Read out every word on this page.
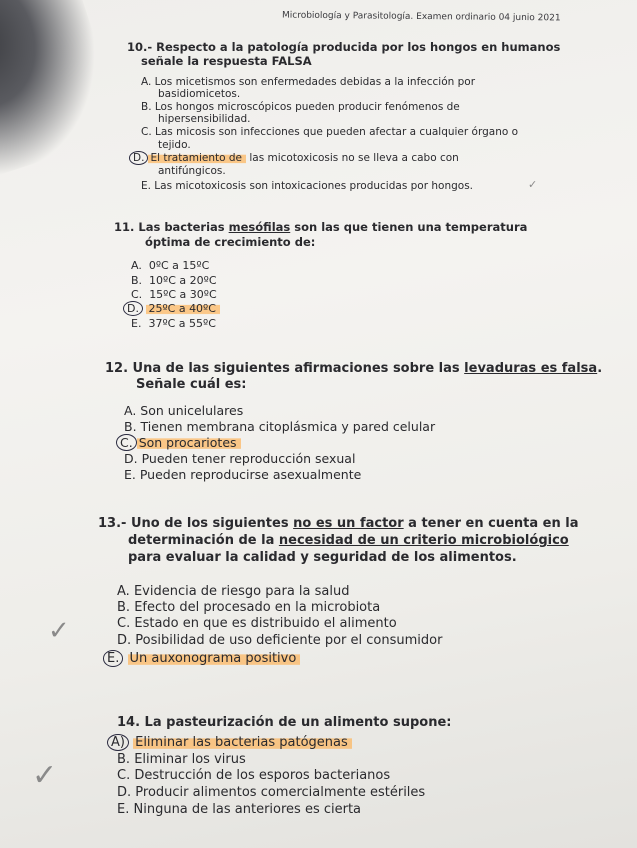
Microbiología y Parasitología. Examen ordinario 04 junio 2021
10.- Respecto a la patología producida por los hongos en humanos
señale la respuesta FALSA
A. Los micetismos son enfermedades debidas a la infección por
basidiomicetos.
B. Los hongos microscópicos pueden producir fenómenos de
hipersensibilidad.
C. Las micosis son infecciones que pueden afectar a cualquier órgano o
tejido.
D. El tratamiento de las micotoxicosis no se lleva a cabo con
antifúngicos.
E. Las micotoxicosis son intoxicaciones producidas por hongos.	✓
11. Las bacterias mesófilas son las que tienen una temperatura
óptima de crecimiento de:
A. 0ºC a 15ºC
B. 10ºC a 20ºC
C. 15ºC a 30ºC
D. 25ºC a 40ºC
E. 37ºC a 55ºC
12. Una de las siguientes afirmaciones sobre las levaduras es falsa.
Señale cuál es:
A. Son unicelulares
B. Tienen membrana citoplásmica y pared celular
C. Son procariotes
D. Pueden tener reproducción sexual
E. Pueden reproducirse asexualmente
13.- Uno de los siguientes no es un factor a tener en cuenta en la
determinación de la necesidad de un criterio microbiológico
para evaluar la calidad y seguridad de los alimentos.
A. Evidencia de riesgo para la salud
B. Efecto del procesado en la microbiota
C. Estado en que es distribuido el alimento
D. Posibilidad de uso deficiente por el consumidor
E. Un auxonograma positivo
✓
14. La pasteurización de un alimento supone:
A) Eliminar las bacterias patógenas
B. Eliminar los virus
C. Destrucción de los esporos bacterianos
D. Producir alimentos comercialmente estériles
E. Ninguna de las anteriores es cierta
✓
